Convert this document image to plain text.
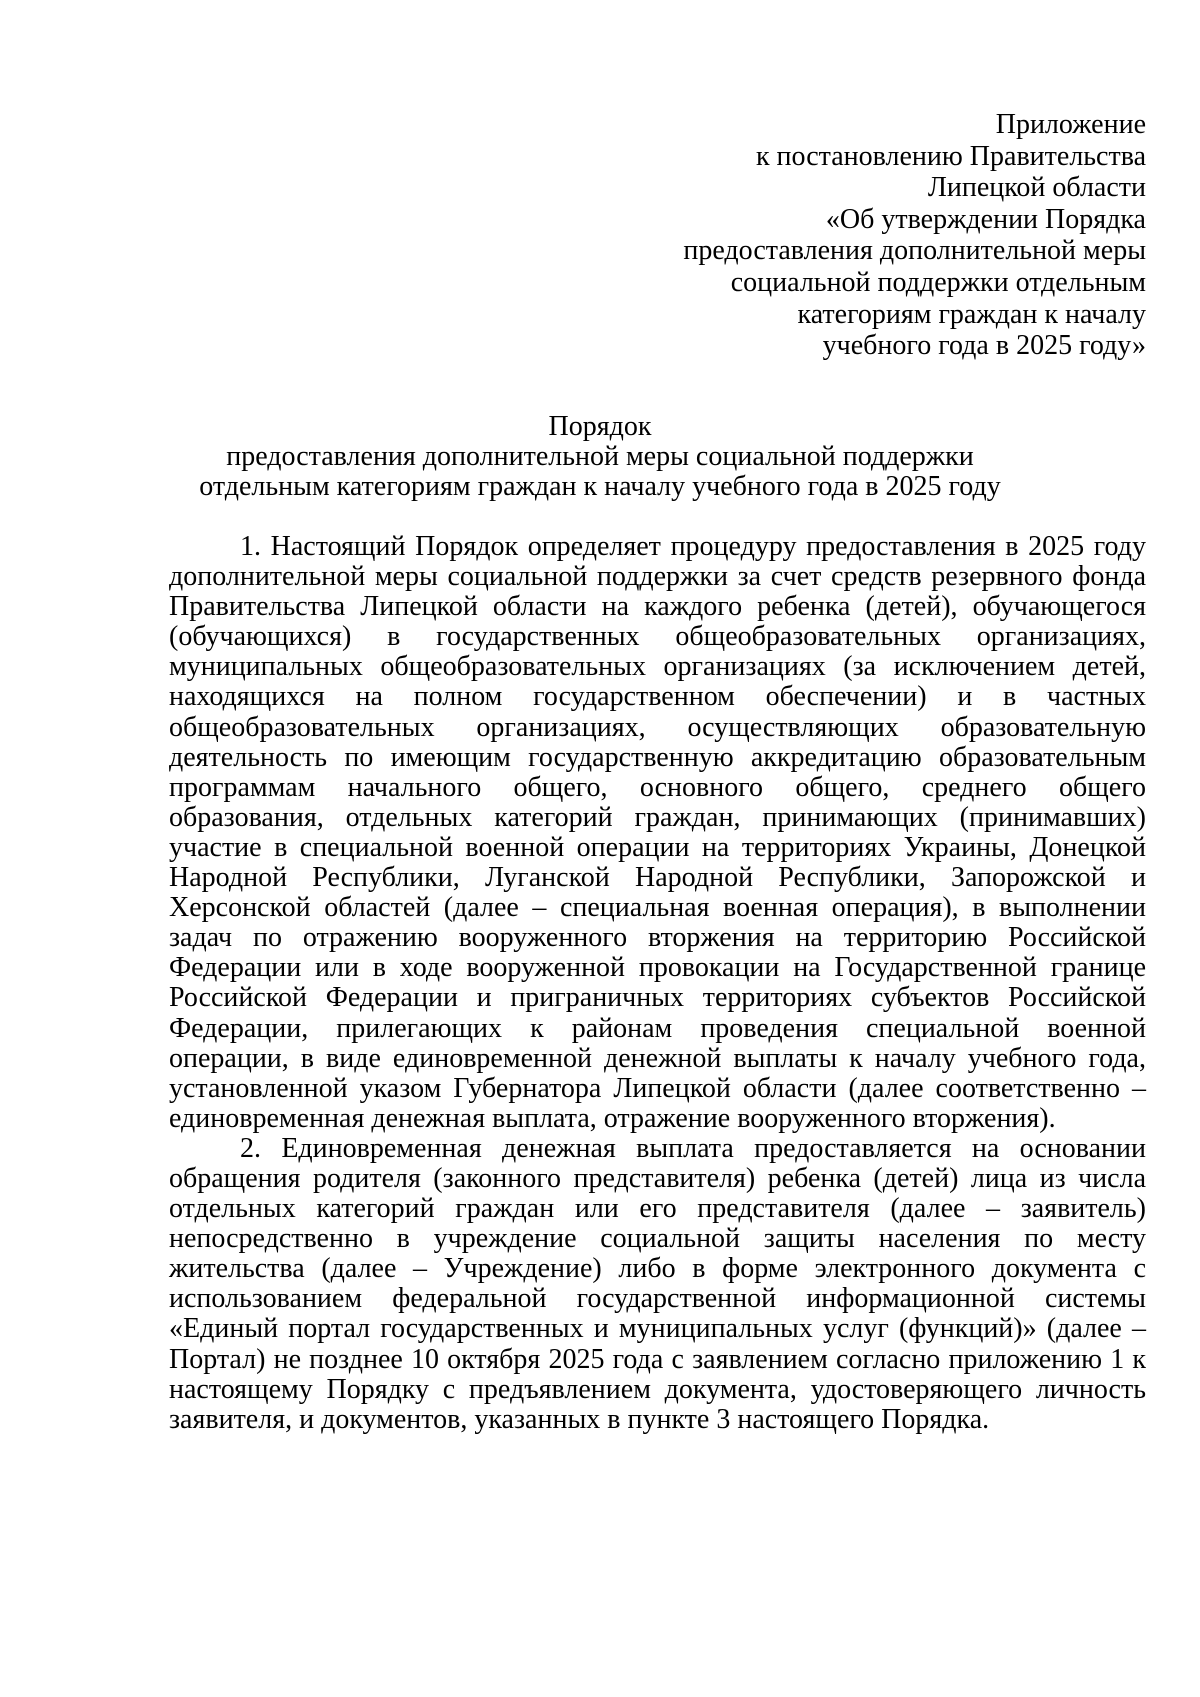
Приложение
к постановлению Правительства
Липецкой области
«Об утверждении Порядка
предоставления дополнительной меры
социальной поддержки отдельным
категориям граждан к началу
учебного года в 2025 году»
Порядок
предоставления дополнительной меры социальной поддержки
отдельным категориям граждан к началу учебного года в 2025 году

1. Настоящий Порядок определяет процедуру предоставления в 2025 году дополнительной меры социальной поддержки за счет средств резервного фонда Правительства Липецкой области на каждого ребенка (детей), обучающегося (обучающихся) в государственных общеобразовательных организациях, муниципальных общеобразовательных организациях (за исключением детей, находящихся на полном государственном обеспечении) и в частных общеобразовательных организациях, осуществляющих образовательную деятельность по имеющим государственную аккредитацию образовательным программам начального общего, основного общего, среднего общего образования, отдельных категорий граждан, принимающих (принимавших) участие в специальной военной операции на территориях Украины, Донецкой Народной Республики, Луганской Народной Республики, Запорожской и Херсонской областей (далее – специальная военная операция), в выполнении задач по отражению вооруженного вторжения на территорию Российской Федерации или в ходе вооруженной провокации на Государственной границе Российской Федерации и приграничных территориях субъектов Российской Федерации, прилегающих к районам проведения специальной военной операции, в виде единовременной денежной выплаты к началу учебного года, установленной указом Губернатора Липецкой области (далее соответственно – единовременная денежная выплата, отражение вооруженного вторжения).

2. Единовременная денежная выплата предоставляется на основании обращения родителя (законного представителя) ребенка (детей) лица из числа отдельных категорий граждан или его представителя (далее – заявитель) непосредственно в учреждение социальной защиты населения по месту жительства (далее – Учреждение) либо в форме электронного документа с использованием федеральной государственной информационной системы «Единый портал государственных и муниципальных услуг (функций)» (далее – Портал) не позднее 10 октября 2025 года с заявлением согласно приложению 1 к настоящему Порядку с предъявлением документа, удостоверяющего личность заявителя, и документов, указанных в пункте 3 настоящего Порядка.
